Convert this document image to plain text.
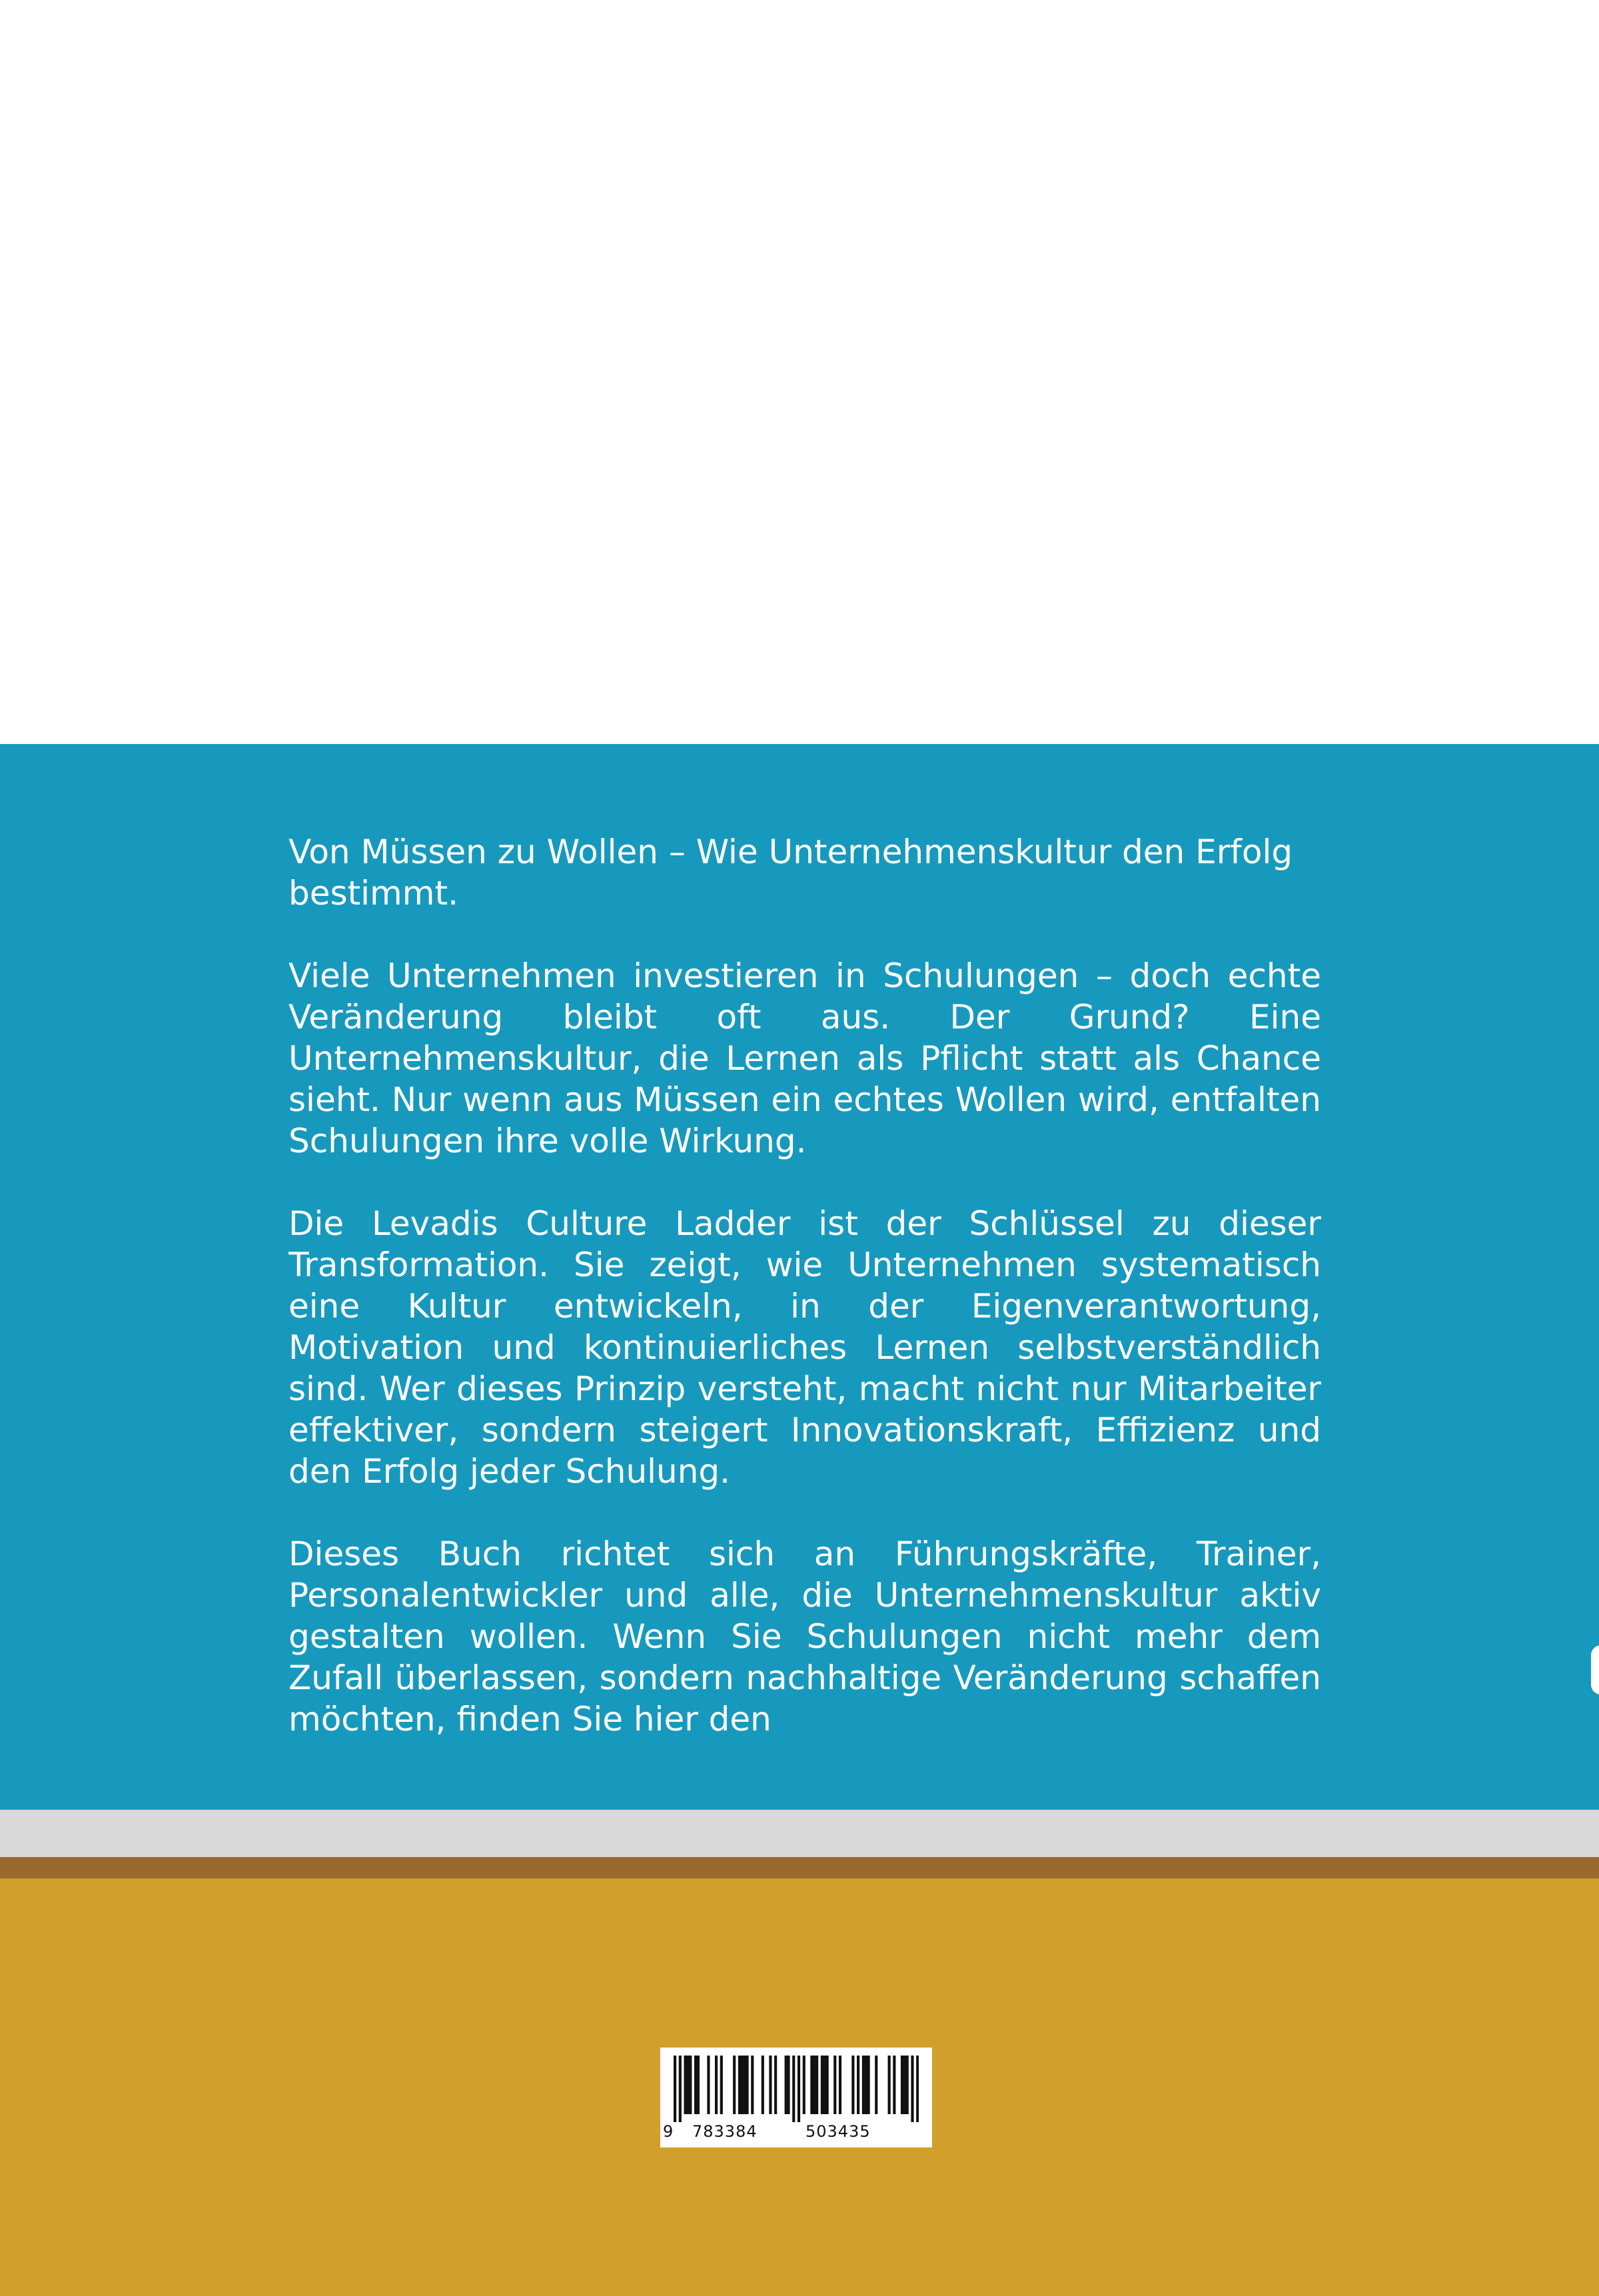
Von Müssen zu Wollen – Wie Unternehmenskultur den Erfolg bestimmt.
Viele Unternehmen investieren in Schulungen – doch echte Veränderung bleibt oft aus. Der Grund? Eine Unternehmenskultur, die Lernen als Pflicht statt als Chance sieht. Nur wenn aus Müssen ein echtes Wollen wird, entfalten Schulungen ihre volle Wirkung.
Die Levadis Culture Ladder ist der Schlüssel zu dieser Transformation. Sie zeigt, wie Unternehmen systematisch eine Kultur entwickeln, in der Eigenverantwortung, Motivation und kontinuierliches Lernen selbstverständlich sind. Wer dieses Prinzip versteht, macht nicht nur Mitarbeiter effektiver, sondern steigert Innovationskraft, Effizienz und den Erfolg jeder Schulung.
Dieses Buch richtet sich an Führungskräfte, Trainer, Personalentwickler und alle, die Unternehmenskultur aktiv gestalten wollen. Wenn Sie Schulungen nicht mehr dem Zufall überlassen, sondern nachhaltige Veränderung schaffen möchten, finden Sie hier den
9 783384	503435
